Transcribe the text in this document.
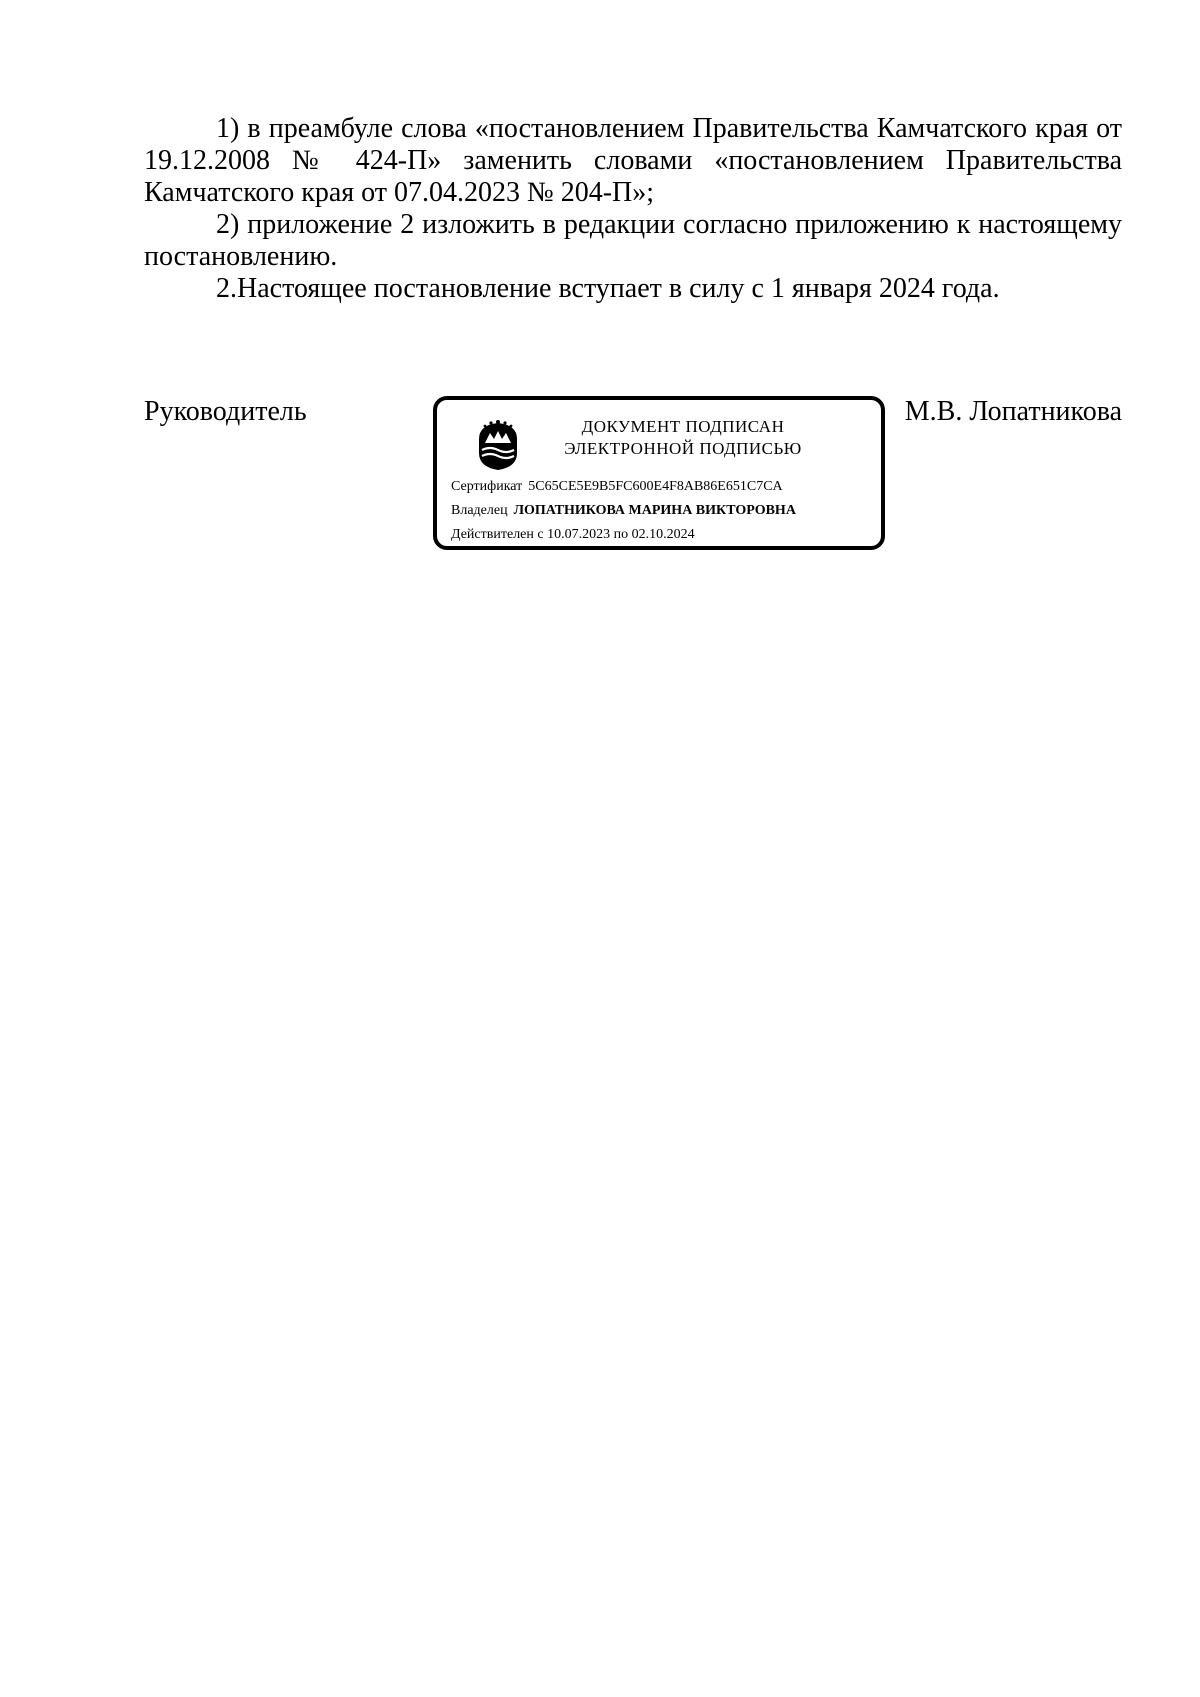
1) в преамбуле слова «постановлением Правительства Камчатского края от 19.12.2008 № 424-П» заменить словами «постановлением Правительства Камчатского края от 07.04.2023 № 204-П»;

2) приложение 2 изложить в редакции согласно приложению к настоящему постановлению.

2.Настоящее постановление вступает в силу с 1 января 2024 года.

Руководитель	ДОКУМЕНТ ПОДПИСАН
ЭЛЕКТРОННОЙ ПОДПИСЬЮ
Сертификат 5C65CE5E9B5FC600E4F8AB86E651C7CA
Владелец ЛОПАТНИКОВА МАРИНА ВИКТОРОВНА
Действителен с 10.07.2023 по 02.10.2024
М.В. Лопатникова
